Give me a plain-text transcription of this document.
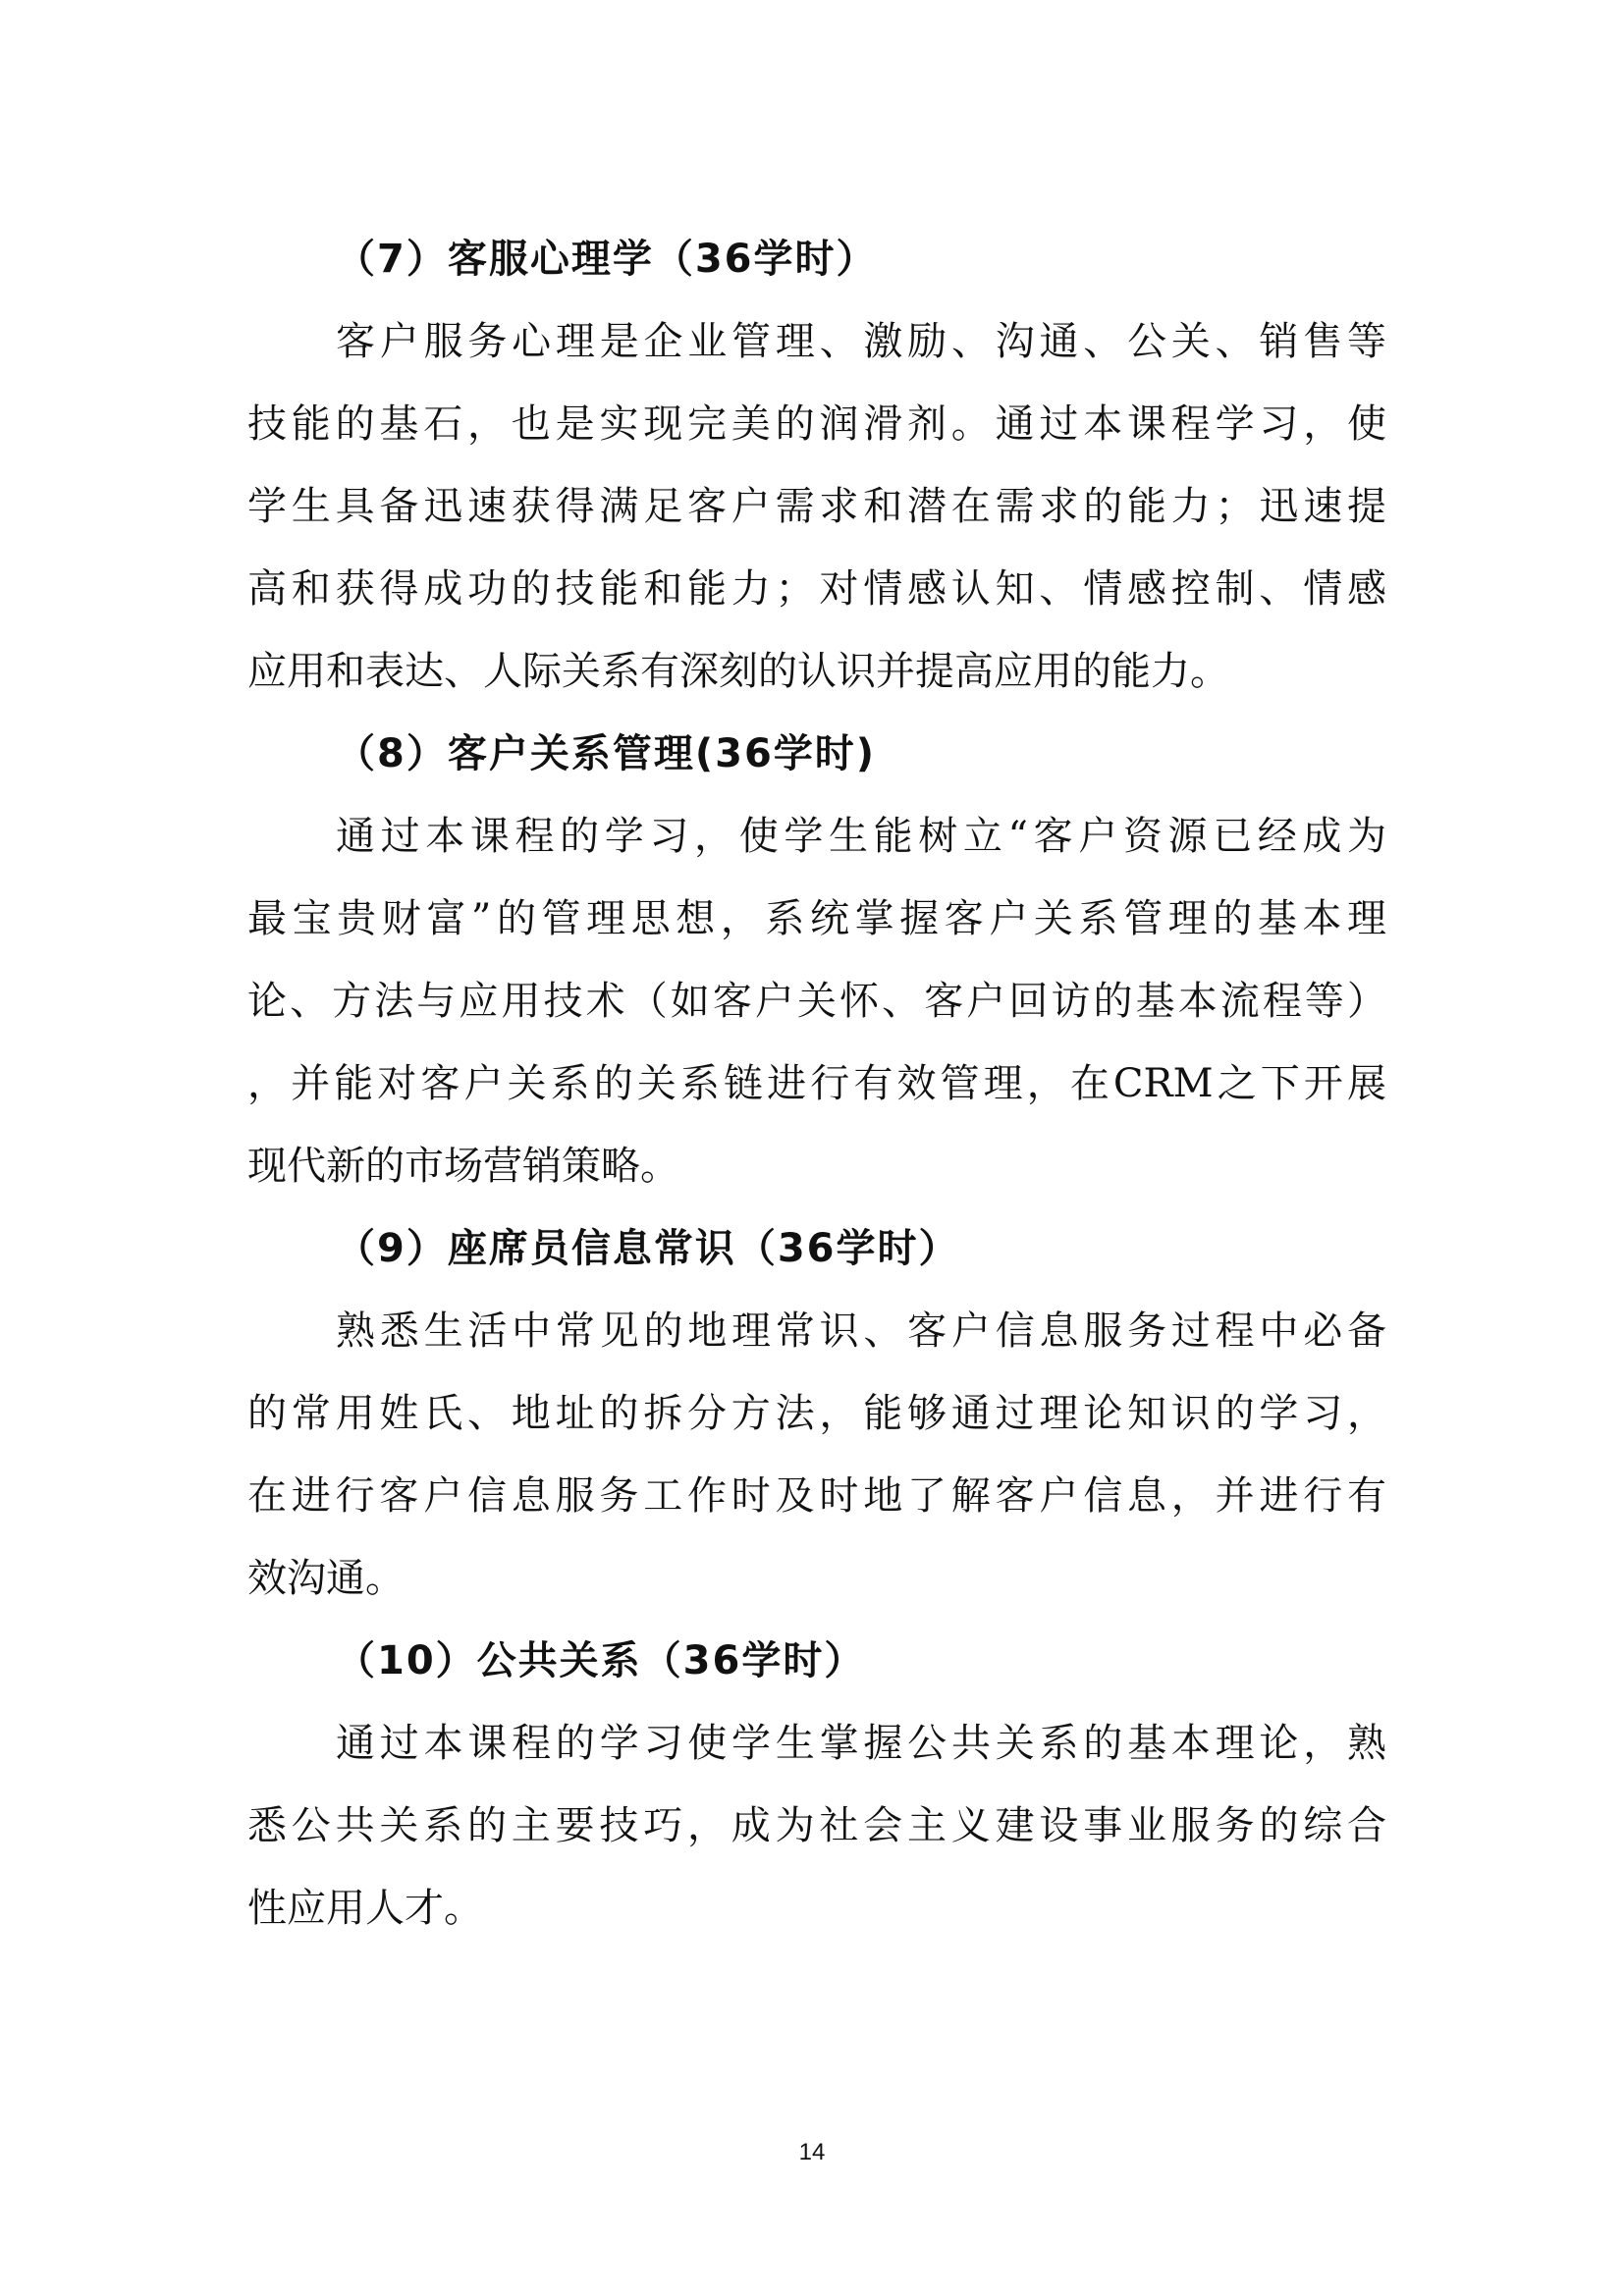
（7）客服心理学（36学时）
客户服务心理是企业管理、激励、沟通、公关、销售等
技能的基石，也是实现完美的润滑剂。通过本课程学习，使
学生具备迅速获得满足客户需求和潜在需求的能力；迅速提
高和获得成功的技能和能力；对情感认知、情感控制、情感
应用和表达、人际关系有深刻的认识并提高应用的能力。
（8）客户关系管理(36学时)
通过本课程的学习，使学生能树立“客户资源已经成为
最宝贵财富”的管理思想，系统掌握客户关系管理的基本理
论、方法与应用技术（如客户关怀、客户回访的基本流程等）
，并能对客户关系的关系链进行有效管理，在CRM之下开展
现代新的市场营销策略。
（9）座席员信息常识（36学时）
熟悉生活中常见的地理常识、客户信息服务过程中必备
的常用姓氏、地址的拆分方法，能够通过理论知识的学习，
在进行客户信息服务工作时及时地了解客户信息，并进行有
效沟通。
（10）公共关系（36学时）
通过本课程的学习使学生掌握公共关系的基本理论，熟
悉公共关系的主要技巧，成为社会主义建设事业服务的综合
性应用人才。
14
